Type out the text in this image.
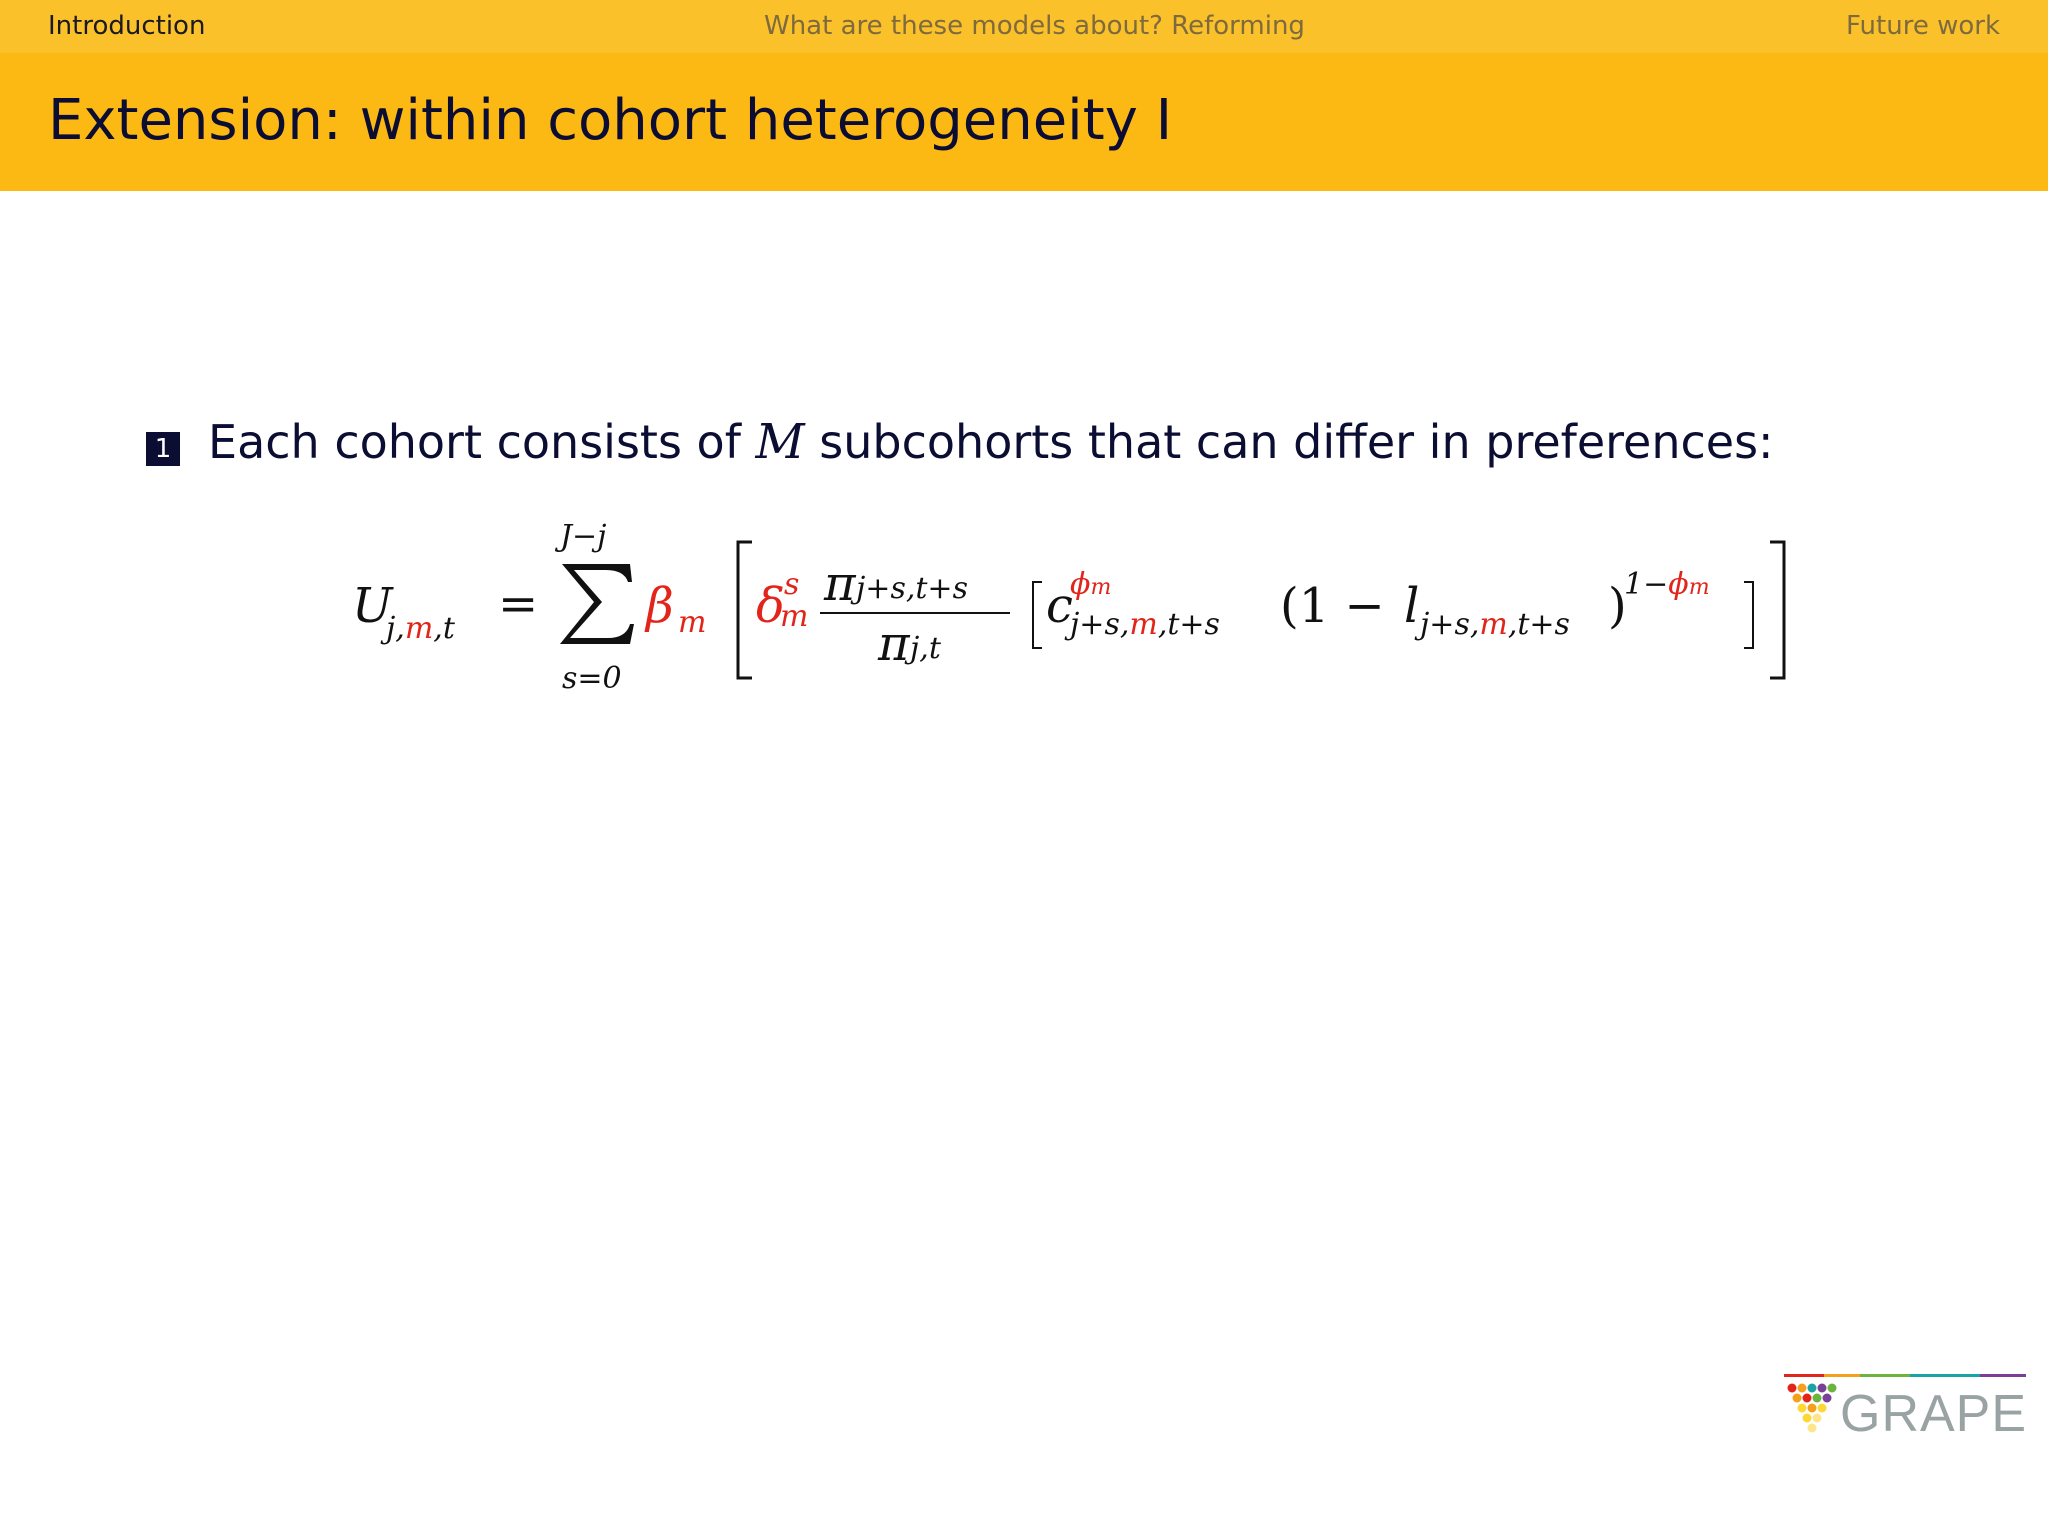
Introduction	What are these models about? Reforming	Future work
Extension: within cohort heterogeneity I
1 Each cohort consists of M subcohorts that can differ in preferences:
U
j,m,t =
J−j
s=0
β m δ s
m
π j+s,t+s
π j,t
c
ϕm
j+s,m,t+s (1 − l j+s,m,t+s )
1−ϕm
GRAPE
